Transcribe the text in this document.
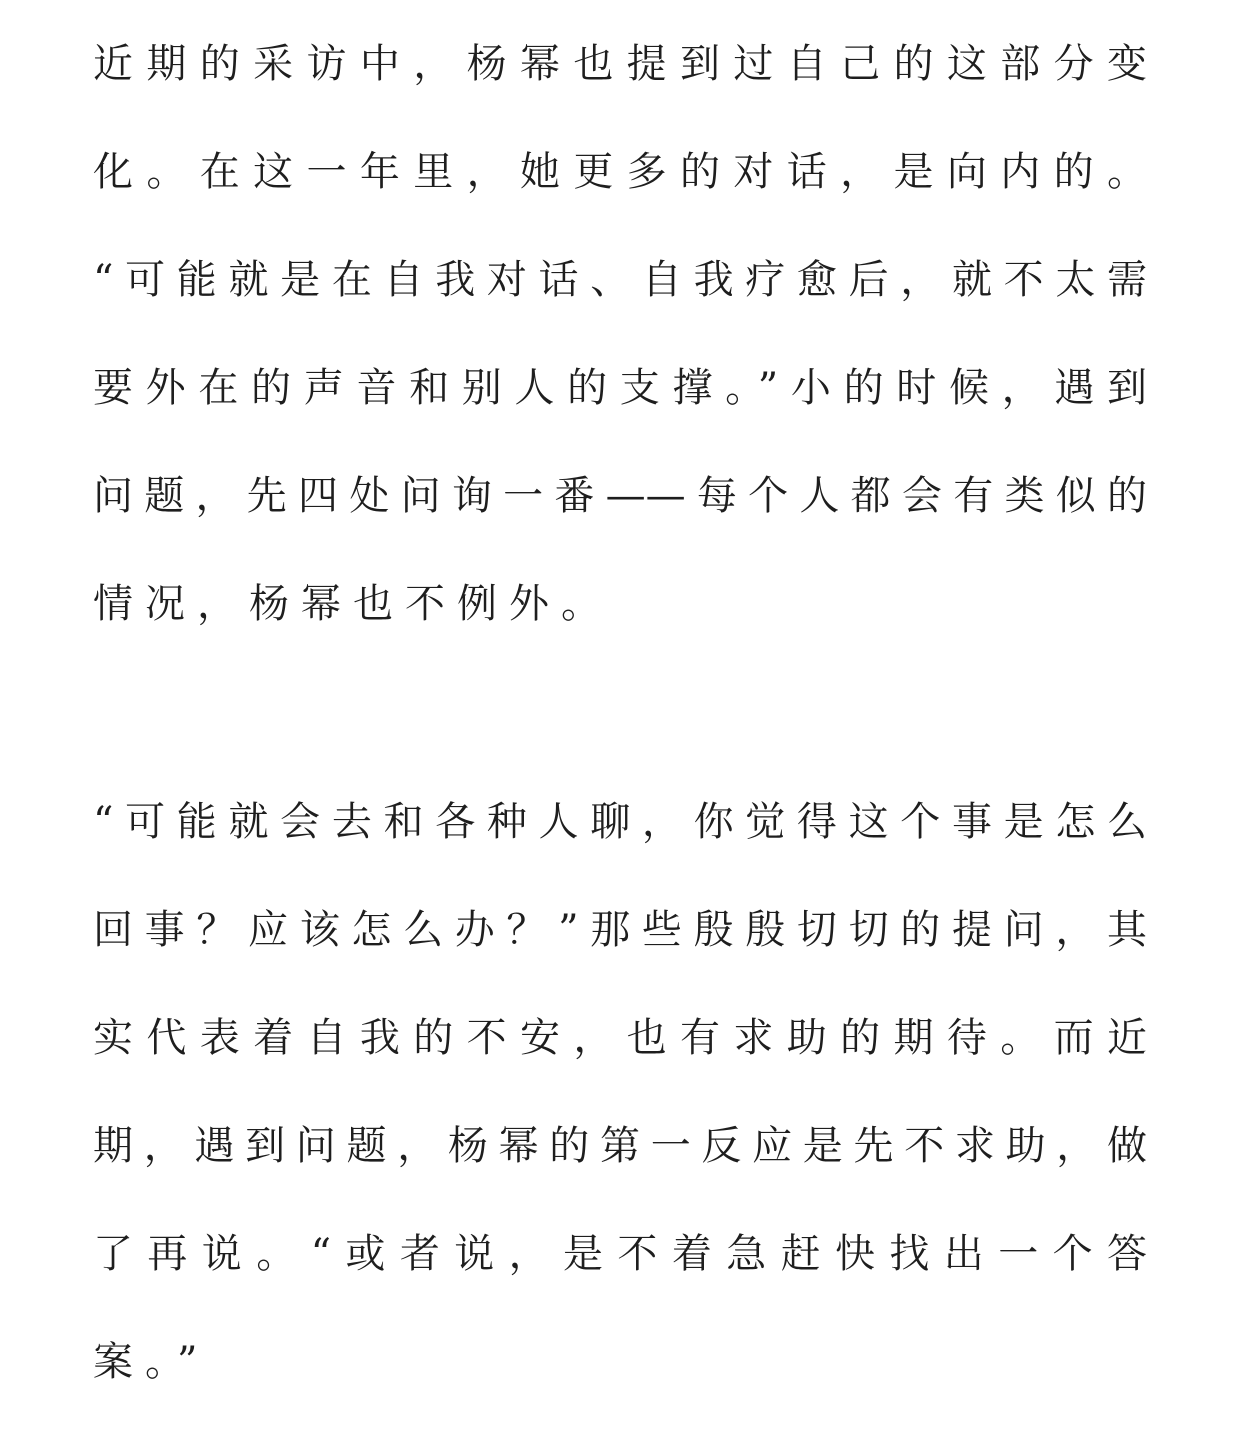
近期的采访中，杨幂也提到过自己的这部分变
化。在这一年里，她更多的对话，是向内的。
“可能就是在自我对话、自我疗愈后，就不太需
要外在的声音和别人的支撑。”小的时候，遇到
问题，先四处问询一番——每个人都会有类似的
情况，杨幂也不例外。
“可能就会去和各种人聊，你觉得这个事是怎么
回事？应该怎么办？”那些殷殷切切的提问，其
实代表着自我的不安，也有求助的期待。而近
期，遇到问题，杨幂的第一反应是先不求助，做
了再说。“或者说，是不着急赶快找出一个答
案。”
